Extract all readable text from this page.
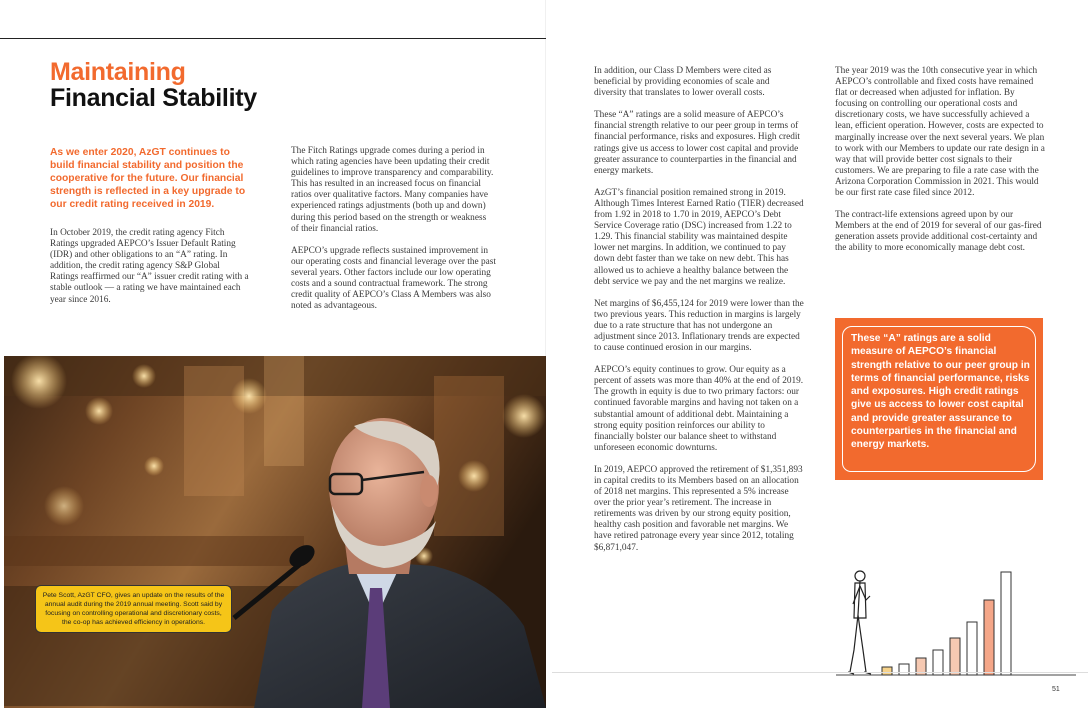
Maintaining
Financial Stability

As we enter 2020, AzGT continues to build financial stability and position the cooperative for the future. Our financial strength is reflected in a key upgrade to our credit rating received in 2019.

In October 2019, the credit rating agency Fitch Ratings upgraded AEPCO’s Issuer Default Rating (IDR) and other obligations to an “A” rating. In addition, the credit rating agency S&P Global Ratings reaffirmed our “A” issuer credit rating with a stable outlook — a rating we have maintained each year since 2016.

The Fitch Ratings upgrade comes during a period in which rating agencies have been updating their credit guidelines to improve transparency and comparability. This has resulted in an increased focus on financial ratios over qualitative factors. Many companies have experienced ratings adjustments (both up and down) during this period based on the strength or weakness of their financial ratios.

AEPCO’s upgrade reflects sustained improvement in our operating costs and financial leverage over the past several years. Other factors include our low operating costs and a sound contractual framework. The strong credit quality of AEPCO’s Class A Members was also noted as advantageous.

Pete Scott, AzGT CFO, gives an update on the results of the annual audit during the 2019 annual meeting. Scott said by focusing on controlling operational and discretionary costs, the co-op has achieved efficiency in operations.

In addition, our Class D Members were cited as beneficial by providing economies of scale and diversity that translates to lower overall costs.

These “A” ratings are a solid measure of AEPCO’s financial strength relative to our peer group in terms of financial performance, risks and exposures. High credit ratings give us access to lower cost capital and provide greater assurance to counterparties in the financial and energy markets.

AzGT’s financial position remained strong in 2019. Although Times Interest Earned Ratio (TIER) decreased from 1.92 in 2018 to 1.70 in 2019, AEPCO’s Debt Service Coverage ratio (DSC) increased from 1.22 to 1.29. This financial stability was maintained despite lower net margins. In addition, we continued to pay down debt faster than we take on new debt. This has allowed us to achieve a healthy balance between the debt service we pay and the net margins we realize.

Net margins of $6,455,124 for 2019 were lower than the two previous years. This reduction in margins is largely due to a rate structure that has not undergone an adjustment since 2013. Inflationary trends are expected to cause continued erosion in our margins.

AEPCO’s equity continues to grow. Our equity as a percent of assets was more than 40% at the end of 2019. The growth in equity is due to two primary factors: our continued favorable margins and having not taken on a substantial amount of additional debt. Maintaining a strong equity position reinforces our ability to financially bolster our balance sheet to withstand unforeseen economic downturns.

In 2019, AEPCO approved the retirement of $1,351,893 in capital credits to its Members based on an allocation of 2018 net margins. This represented a 5% increase over the prior year’s retirement. The increase in retirements was driven by our strong equity position, healthy cash position and favorable net margins. We have retired patronage every year since 2012, totaling $6,871,047.

The year 2019 was the 10th consecutive year in which AEPCO’s controllable and fixed costs have remained flat or decreased when adjusted for inflation. By focusing on controlling our operational costs and discretionary costs, we have successfully achieved a lean, efficient operation. However, costs are expected to marginally increase over the next several years. We plan to work with our Members to update our rate design in a way that will provide better cost signals to their customers. We are preparing to file a rate case with the Arizona Corporation Commission in 2021. This would be our first rate case filed since 2012.

The contract-life extensions agreed upon by our Members at the end of 2019 for several of our gas-fired generation assets provide additional cost-certainty and the ability to more economically manage debt cost.

These “A” ratings are a solid measure of AEPCO’s financial strength relative to our peer group in terms of financial performance, risks and exposures. High credit ratings give us access to lower cost capital and provide greater assurance to counterparties in the financial and energy markets.

51
